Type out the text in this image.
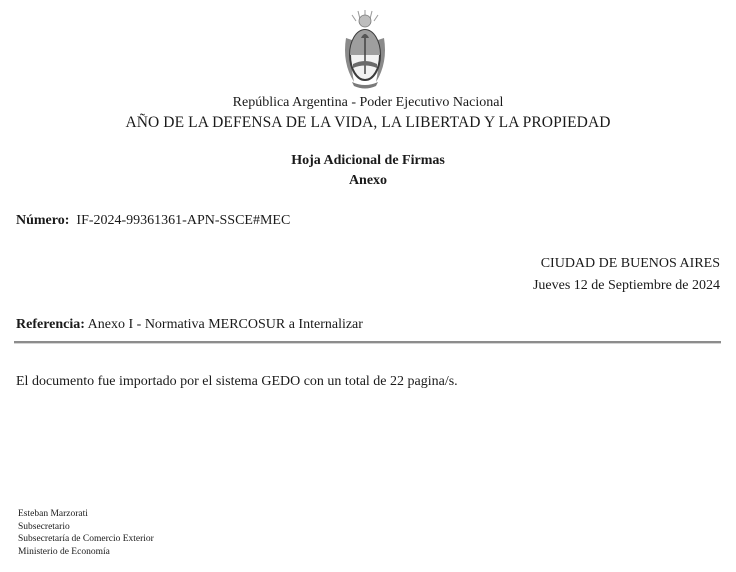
República Argentina - Poder Ejecutivo Nacional
AÑO DE LA DEFENSA DE LA VIDA, LA LIBERTAD Y LA PROPIEDAD
Hoja Adicional de Firmas
Anexo
Número: IF-2024-99361361-APN-SSCE#MEC
CIUDAD DE BUENOS AIRES
Jueves 12 de Septiembre de 2024
Referencia: Anexo I - Normativa MERCOSUR a Internalizar
El documento fue importado por el sistema GEDO con un total de 22 pagina/s.
Esteban Marzorati
Subsecretario
Subsecretaría de Comercio Exterior
Ministerio de Economía
